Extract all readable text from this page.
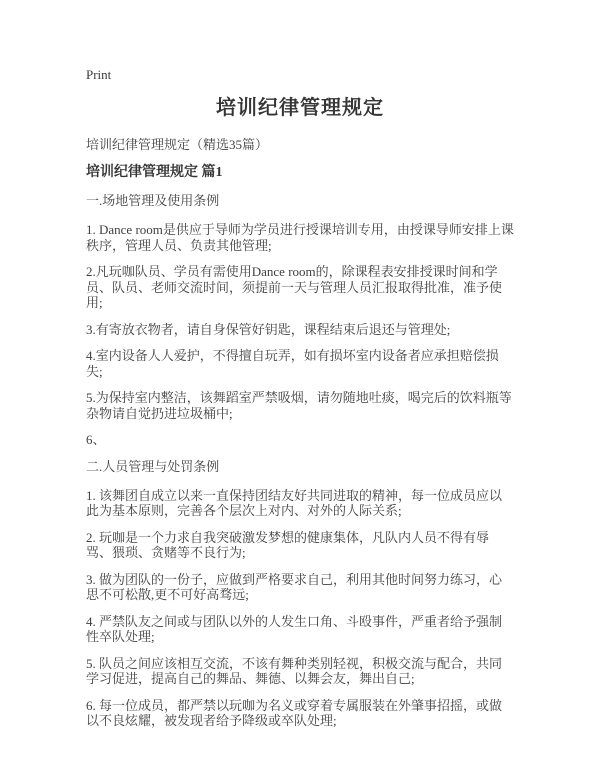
Print
培训纪律管理规定

培训纪律管理规定（精选35篇）

培训纪律管理规定 篇1

一.场地管理及使用条例

1. Dance room是供应于导师为学员进行授课培训专用，由授课导师安排上课秩序，管理人员、负责其他管理;

2.凡玩咖队员、学员有需使用Dance room的，除课程表安排授课时间和学员、队员、老师交流时间，须提前一天与管理人员汇报取得批准，准予使用;

3.有寄放衣物者，请自身保管好钥匙，课程结束后退还与管理处;

4.室内设备人人爱护，不得擅自玩弄，如有损坏室内设备者应承担赔偿损失;

5.为保持室内整洁，该舞蹈室严禁吸烟，请勿随地吐痰，喝完后的饮料瓶等杂物请自觉扔进垃圾桶中;

6、

二.人员管理与处罚条例

1. 该舞团自成立以来一直保持团结友好共同进取的精神，每一位成员应以此为基本原则，完善各个层次上对内、对外的人际关系;

2. 玩咖是一个力求自我突破激发梦想的健康集体，凡队内人员不得有辱骂、猥琐、贪赌等不良行为;

3. 做为团队的一份子，应做到严格要求自己，利用其他时间努力练习，心思不可松散,更不可好高骛远;

4. 严禁队友之间或与团队以外的人发生口角、斗殴事件，严重者给予强制性卒队处理;

5. 队员之间应该相互交流，不该有舞种类别轻视，积极交流与配合，共同学习促进，提高自己的舞品、舞德、以舞会友，舞出自己;

6. 每一位成员，都严禁以玩咖为名义或穿着专属服装在外肇事招摇，或做以不良炫耀，被发现者给予降级或卒队处理;
